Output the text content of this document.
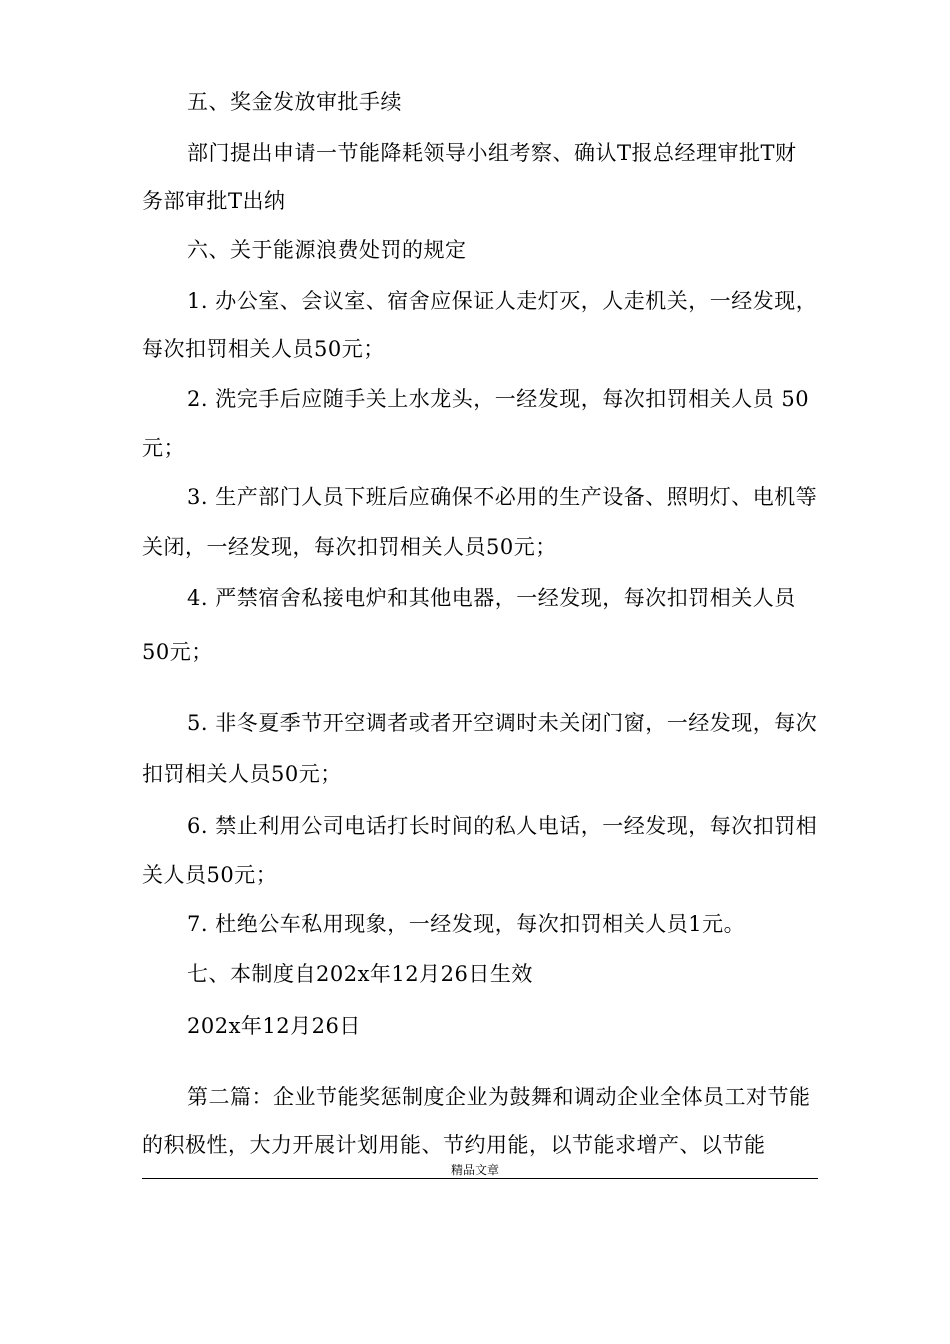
五、奖金发放审批手续
部门提出申请一节能降耗领导小组考察、确认T报总经理审批T财
务部审批T出纳
六、关于能源浪费处罚的规定
1. 办公室、会议室、宿舍应保证人走灯灭，人走机关，一经发现，
每次扣罚相关人员50元；
2. 洗完手后应随手关上水龙头，一经发现，每次扣罚相关人员 50
元；
3. 生产部门人员下班后应确保不必用的生产设备、照明灯、电机等
关闭，一经发现，每次扣罚相关人员50元；
4. 严禁宿舍私接电炉和其他电器，一经发现，每次扣罚相关人员
50元；
5. 非冬夏季节开空调者或者开空调时未关闭门窗，一经发现，每次
扣罚相关人员50元；
6. 禁止利用公司电话打长时间的私人电话，一经发现，每次扣罚相
关人员50元；
7. 杜绝公车私用现象，一经发现，每次扣罚相关人员1元。
七、本制度自202x年12月26日生效
202x年12月26日
第二篇：企业节能奖惩制度企业为鼓舞和调动企业全体员工对节能
的积极性，大力开展计划用能、节约用能，以节能求增产、以节能
精品文章
